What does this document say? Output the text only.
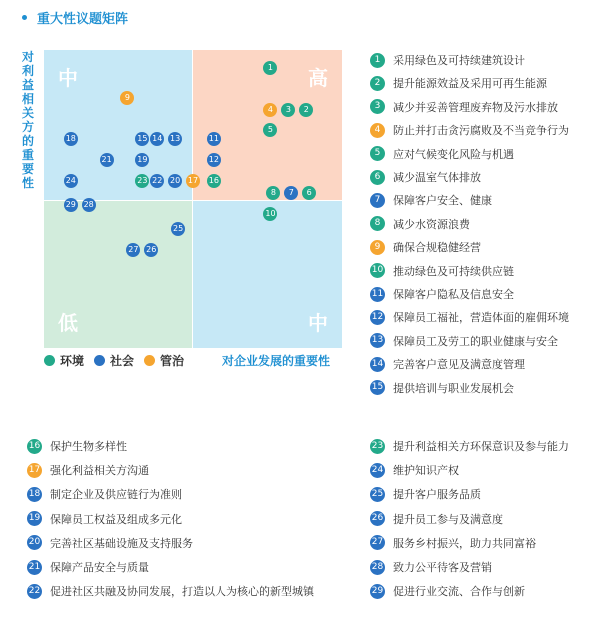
重大性议题矩阵
对利益相关方的重要性
中	高
低	中
1
2
3
4
5
6
7
8
9
10
11
12
13
14
15
16
17
18
19
20
21
22
23
24
25
26
27
28
29
环境 社会 管治	对企业发展的重要性
1	采用绿色及可持续建筑设计
2	提升能源效益及采用可再生能源
3	减少并妥善管理废弃物及污水排放
4	防止并打击贪污腐败及不当竞争行为
5	应对气候变化风险与机遇
6	减少温室气体排放
7	保障客户安全、健康
8	减少水资源浪费
9	确保合规稳健经营
10 推动绿色及可持续供应链
11 保障客户隐私及信息安全
12 保障员工福祉，营造体面的雇佣环境
13 保障员工及劳工的职业健康与安全
14 完善客户意见及满意度管理
15 提供培训与职业发展机会
16 保护生物多样性
17 强化利益相关方沟通
18 制定企业及供应链行为准则
19 保障员工权益及组成多元化
20 完善社区基础设施及支持服务
21 保障产品安全与质量
22 促进社区共融及协同发展，打造以人为核心的新型城镇
23 提升利益相关方环保意识及参与能力
24 维护知识产权
25 提升客户服务品质
26 提升员工参与及满意度
27 服务乡村振兴，助力共同富裕
28 致力公平待客及营销
29 促进行业交流、合作与创新
